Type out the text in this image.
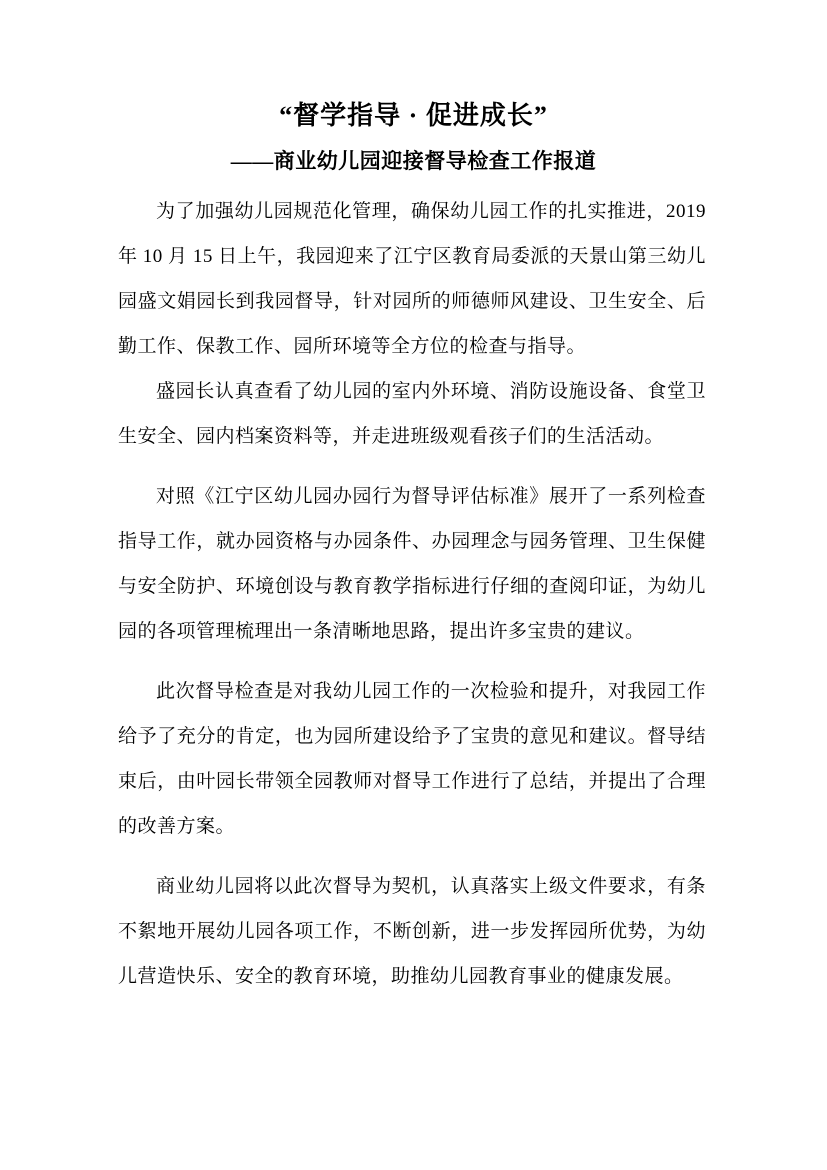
“督学指导 · 促进成长”
——商业幼儿园迎接督导检查工作报道

为了加强幼儿园规范化管理，确保幼儿园工作的扎实推进，2019 年 10 月 15 日上午，我园迎来了江宁区教育局委派的天景山第三幼儿园盛文娟园长到我园督导，针对园所的师德师风建设、卫生安全、后勤工作、保教工作、园所环境等全方位的检查与指导。

盛园长认真查看了幼儿园的室内外环境、消防设施设备、食堂卫生安全、园内档案资料等，并走进班级观看孩子们的生活活动。

对照《江宁区幼儿园办园行为督导评估标准》展开了一系列检查指导工作，就办园资格与办园条件、办园理念与园务管理、卫生保健与安全防护、环境创设与教育教学指标进行仔细的查阅印证，为幼儿园的各项管理梳理出一条清晰地思路，提出许多宝贵的建议。

此次督导检查是对我幼儿园工作的一次检验和提升，对我园工作给予了充分的肯定，也为园所建设给予了宝贵的意见和建议。督导结束后，由叶园长带领全园教师对督导工作进行了总结，并提出了合理的改善方案。

商业幼儿园将以此次督导为契机，认真落实上级文件要求，有条不絮地开展幼儿园各项工作，不断创新，进一步发挥园所优势，为幼儿营造快乐、安全的教育环境，助推幼儿园教育事业的健康发展。
